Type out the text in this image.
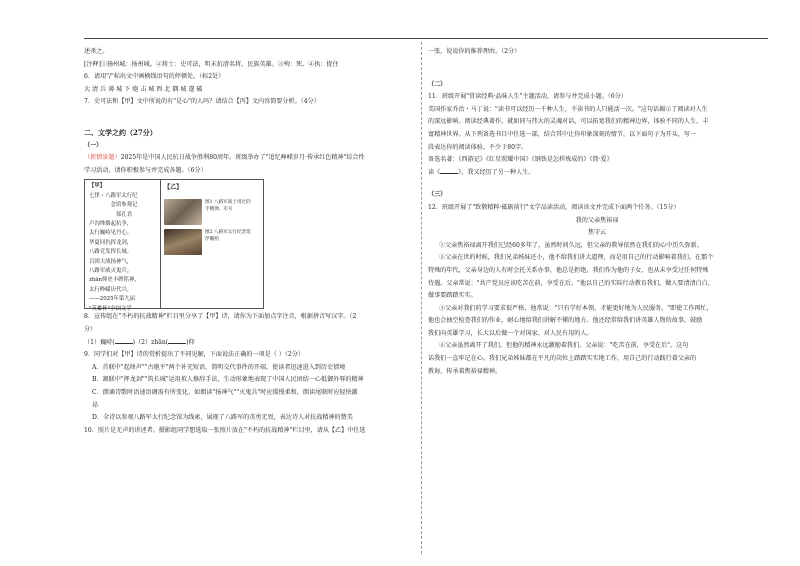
述杀之。

[注释]①扬州城：扬州城。②将士：史可法，明末抗清名将、民族英雄。③殉：死。④执：捉住

6．请用"/"标出文中画横线语句的停顿处。（标2处）

大 清 兵 薄 城 下 炮 击 城 西 北 隅 城 遂 破

7．史可法和【甲】文中所说的有"是心"的人吗？请结合【丙】文内容简要分析。（4分）

二、文学之约（27分）

（一）

（新情景题）2025年是中国人民抗日战争胜利80周年。班级举办了"追忆峥嵘岁月·传承红色精神"综合性

学习活动，请你积极参与并完成各题。（6分）

【甲】

七律・八路军太行纪

念馆参观记

郑孔君

卢沟烽烟起抗争，

太行巍峙见丹心。

华夏同仇挥龙剑，

八路竞发挥长城。

百团大战扬神气，

八路军威灭鬼兵。

zhān仰史丰碑铭神，

太行峥嵘历代兴。

——2025年第九届

"英雄杯"全国文学

【乙】

图1 八路军战士用过的手榴弹、军号
图2 八路军太行纪念馆浮雕照

8．宣传组在"不朽的抗战精神"栏目里分享了【甲】诗，请你为下面加点字注音，根据拼音写汉字。（2

分）

（1）巍峙(	)（2）zhān(	)仰

9．同学们对【甲】诗的赏析提出了不同见解，下面说法正确的一项是（ ）（2分）

A．首联中"起烽声""古炮平"两个补充短语，简明交代事件的开端，使读者迅速进入到历史情境

B．颔联中"挥龙剑""筑长城"运用拟人修辞手法，生动形象地表现了中国人民团结一心抵御外辱的精神

C．朗诵诗歌时语速语调需有所变化，如朗读"扬神气""灭鬼兵"时应缓慢柔和，朗读尾联时应轻快激

昂

D．全诗以参观八路军太行纪念馆为线索，展现了八路军的英勇无畏，表达诗人对抗战精神的赞美

10．照片是无声的讲述者。摄影组同学想选取一张照片放在"不朽的抗战精神"栏目里，请从【乙】中任选

一张，说说你的推荐理由。（2分）

（二）

11．班级开展"赏读经典·品味人生"主题活动，请参与并完成小题。（6分）

美国作家乔治・马丁说："读书可以经历一千种人生，不读书的人只能活一次。"这句话揭示了阅读对人生

的深远影响。阅读经典著作，就如同与伟大的灵魂对话，可以拓宽我们的精神边界，体验不同的人生，丰

富精神世界。从下列备选书目中任选一部，结合其中让你印象深刻的情节，以下面句子为开头，写一

段表达你的阅读体验。不少于80字。

备选名著：《西游记》《红星照耀中国》《钢铁是怎样炼成的》《简·爱》

读《	》，我又经历了另一种人生。

（三）

12．班级开展了"致敬精粹·砥砺前行"文学品读活动，阅读该文并完成下面两个任务。（15分）

我的父亲焦裕禄

焦守云

①父亲焦裕禄离开我们已经60多年了，虽然时间久远，但父亲的教导依然在我们的心中历久弥新。

②父亲在世的时候，我们兄弟姊妹还小，他不给我们讲大道理，而是用自己的行动影响着我们。在那个

特殊的年代，父亲身边的人有时会托关系办事，他总是拒绝，我们作为他的子女，也从未享受过任何特殊

待遇。父亲常说："共产党员应该吃苦在前，享受在后。"他以自己的实际行动教育我们，做人要清清白白，

做事要踏踏实实。

③父亲对我们的学习要求很严格，他常说："只有学好本领，才能更好地为人民服务。"即使工作再忙，

他也会抽空检查我们的作业，耐心地给我们讲解不懂的地方。他还经常给我们讲英雄人物的故事，鼓励

我们向英雄学习，长大以后做一个对国家、对人民有用的人。

④父亲虽然离开了我们，但他的精神永远激励着我们。父亲说："吃苦在前，享受在后"，这句

话我们一直牢记在心。我们兄弟姊妹都在平凡的岗位上踏踏实实地工作，用自己的行动践行着父亲的

教诲，传承着焦裕禄精神。
